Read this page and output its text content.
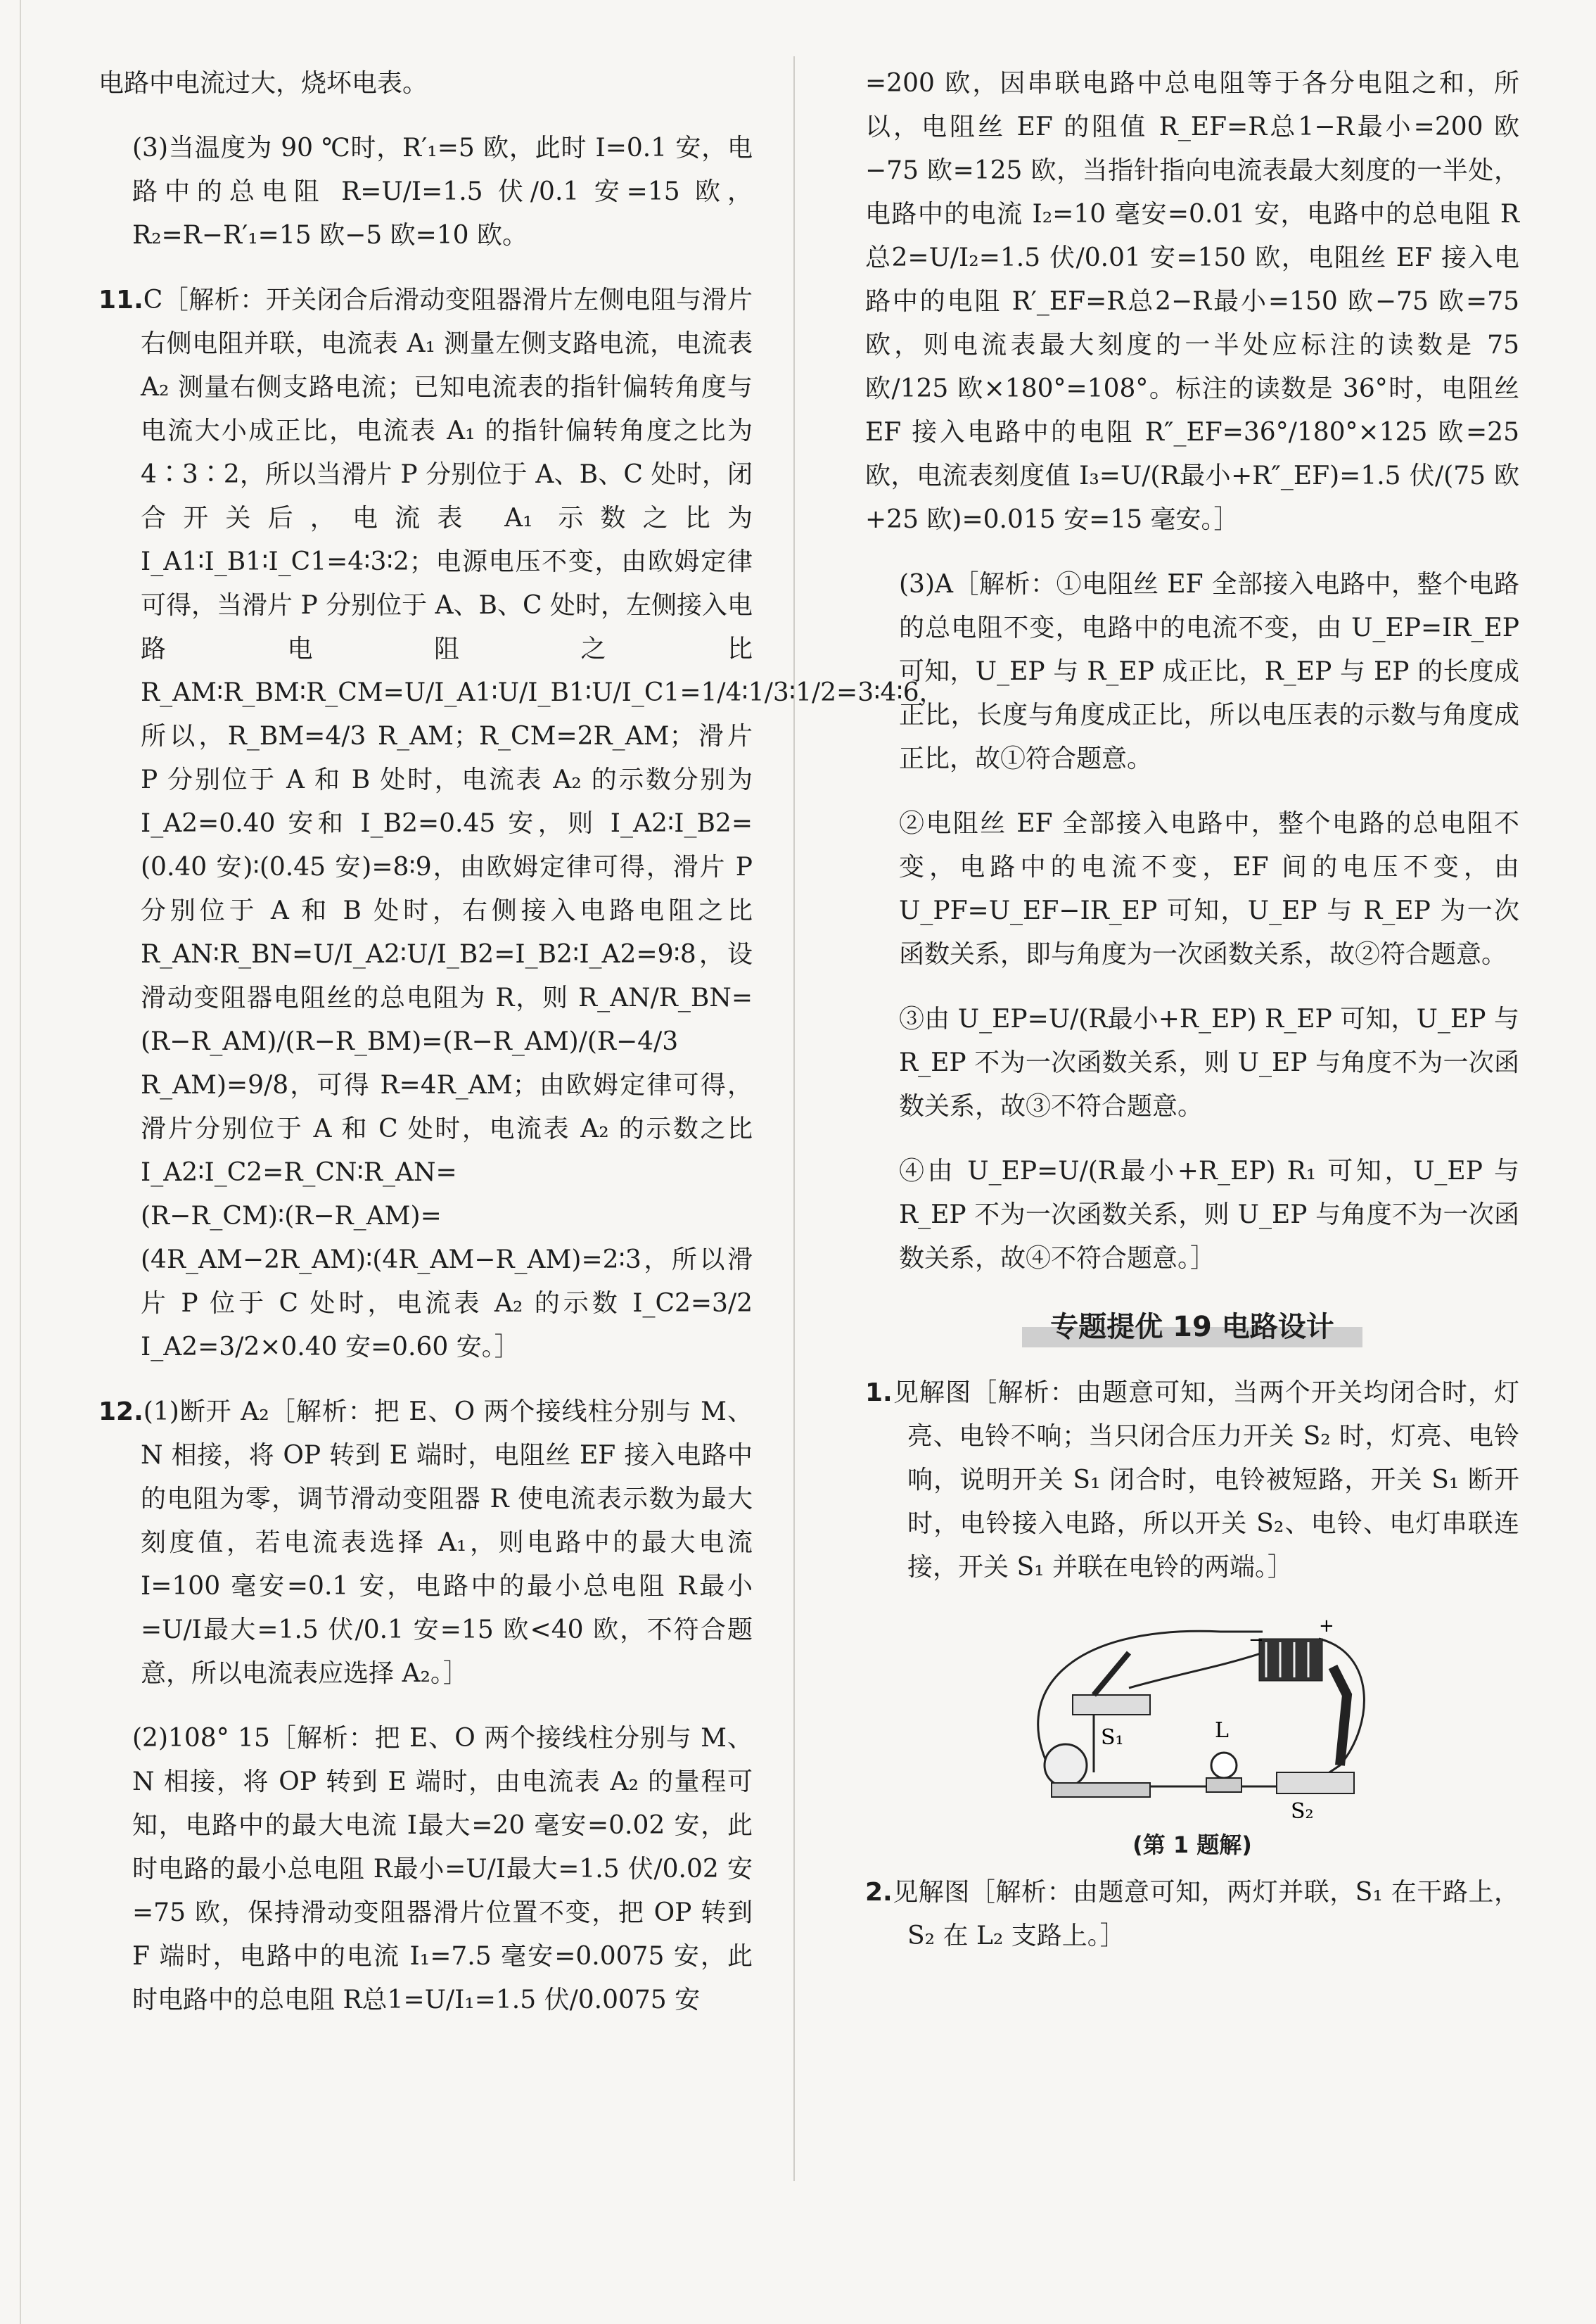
电路中电流过大，烧坏电表。

(3)当温度为 90 ℃时，R′₁=5 欧，此时 I=0.1 安，电路中的总电阻 R=U/I=1.5 伏/0.1 安=15 欧，R₂=R−R′₁=15 欧−5 欧=10 欧。

11.C［解析：开关闭合后滑动变阻器滑片左侧电阻与滑片右侧电阻并联，电流表 A₁ 测量左侧支路电流，电流表 A₂ 测量右侧支路电流；已知电流表的指针偏转角度与电流大小成正比，电流表 A₁ 的指针偏转角度之比为 4∶3∶2，所以当滑片 P 分别位于 A、B、C 处时，闭合开关后，电流表 A₁ 示数之比为 I_A1∶I_B1∶I_C1=4∶3∶2；电源电压不变，由欧姆定律可得，当滑片 P 分别位于 A、B、C 处时，左侧接入电路电阻之比 R_AM∶R_BM∶R_CM=U/I_A1∶U/I_B1∶U/I_C1=1/4∶1/3∶1/2=3∶4∶6，所以，R_BM=4/3 R_AM；R_CM=2R_AM；滑片 P 分别位于 A 和 B 处时，电流表 A₂ 的示数分别为 I_A2=0.40 安和 I_B2=0.45 安，则 I_A2∶I_B2=(0.40 安)∶(0.45 安)=8∶9，由欧姆定律可得，滑片 P 分别位于 A 和 B 处时，右侧接入电路电阻之比 R_AN∶R_BN=U/I_A2∶U/I_B2=I_B2∶I_A2=9∶8，设滑动变阻器电阻丝的总电阻为 R，则 R_AN/R_BN=(R−R_AM)/(R−R_BM)=(R−R_AM)/(R−4/3 R_AM)=9/8，可得 R=4R_AM；由欧姆定律可得，滑片分别位于 A 和 C 处时，电流表 A₂ 的示数之比 I_A2∶I_C2=R_CN∶R_AN=(R−R_CM)∶(R−R_AM)=(4R_AM−2R_AM)∶(4R_AM−R_AM)=2∶3，所以滑片 P 位于 C 处时，电流表 A₂ 的示数 I_C2=3/2 I_A2=3/2×0.40 安=0.60 安。］

12.(1)断开 A₂［解析：把 E、O 两个接线柱分别与 M、N 相接，将 OP 转到 E 端时，电阻丝 EF 接入电路中的电阻为零，调节滑动变阻器 R 使电流表示数为最大刻度值，若电流表选择 A₁，则电路中的最大电流 I=100 毫安=0.1 安，电路中的最小总电阻 R最小=U/I最大=1.5 伏/0.1 安=15 欧<40 欧，不符合题意，所以电流表应选择 A₂。］

(2)108° 15［解析：把 E、O 两个接线柱分别与 M、N 相接，将 OP 转到 E 端时，由电流表 A₂ 的量程可知，电路中的最大电流 I最大=20 毫安=0.02 安，此时电路的最小总电阻 R最小=U/I最大=1.5 伏/0.02 安=75 欧，保持滑动变阻器滑片位置不变，把 OP 转到 F 端时，电路中的电流 I₁=7.5 毫安=0.0075 安，此时电路中的总电阻 R总1=U/I₁=1.5 伏/0.0075 安

=200 欧，因串联电路中总电阻等于各分电阻之和，所以，电阻丝 EF 的阻值 R_EF=R总1−R最小=200 欧−75 欧=125 欧，当指针指向电流表最大刻度的一半处，电路中的电流 I₂=10 毫安=0.01 安，电路中的总电阻 R总2=U/I₂=1.5 伏/0.01 安=150 欧，电阻丝 EF 接入电路中的电阻 R′_EF=R总2−R最小=150 欧−75 欧=75 欧，则电流表最大刻度的一半处应标注的读数是 75 欧/125 欧×180°=108°。标注的读数是 36°时，电阻丝 EF 接入电路中的电阻 R″_EF=36°/180°×125 欧=25 欧，电流表刻度值 I₃=U/(R最小+R″_EF)=1.5 伏/(75 欧+25 欧)=0.015 安=15 毫安。］

(3)A［解析：①电阻丝 EF 全部接入电路中，整个电路的总电阻不变，电路中的电流不变，由 U_EP=IR_EP 可知，U_EP 与 R_EP 成正比，R_EP 与 EP 的长度成正比，长度与角度成正比，所以电压表的示数与角度成正比，故①符合题意。

②电阻丝 EF 全部接入电路中，整个电路的总电阻不变，电路中的电流不变，EF 间的电压不变，由 U_PF=U_EF−IR_EP 可知，U_EP 与 R_EP 为一次函数关系，即与角度为一次函数关系，故②符合题意。

③由 U_EP=U/(R最小+R_EP) R_EP 可知，U_EP 与 R_EP 不为一次函数关系，则 U_EP 与角度不为一次函数关系，故③不符合题意。

④由 U_EP=U/(R最小+R_EP) R₁ 可知，U_EP 与 R_EP 不为一次函数关系，则 U_EP 与角度不为一次函数关系，故④不符合题意。］

专题提优 19 电路设计

1.见解图［解析：由题意可知，当两个开关均闭合时，灯亮、电铃不响；当只闭合压力开关 S₂ 时，灯亮、电铃响，说明开关 S₁ 闭合时，电铃被短路，开关 S₁ 断开时，电铃接入电路，所以开关 S₂、电铃、电灯串联连接，开关 S₁ 并联在电铃的两端。］

+
−
S₁	L
S₂
(第 1 题解)

2.见解图［解析：由题意可知，两灯并联，S₁ 在干路上，S₂ 在 L₂ 支路上。］
